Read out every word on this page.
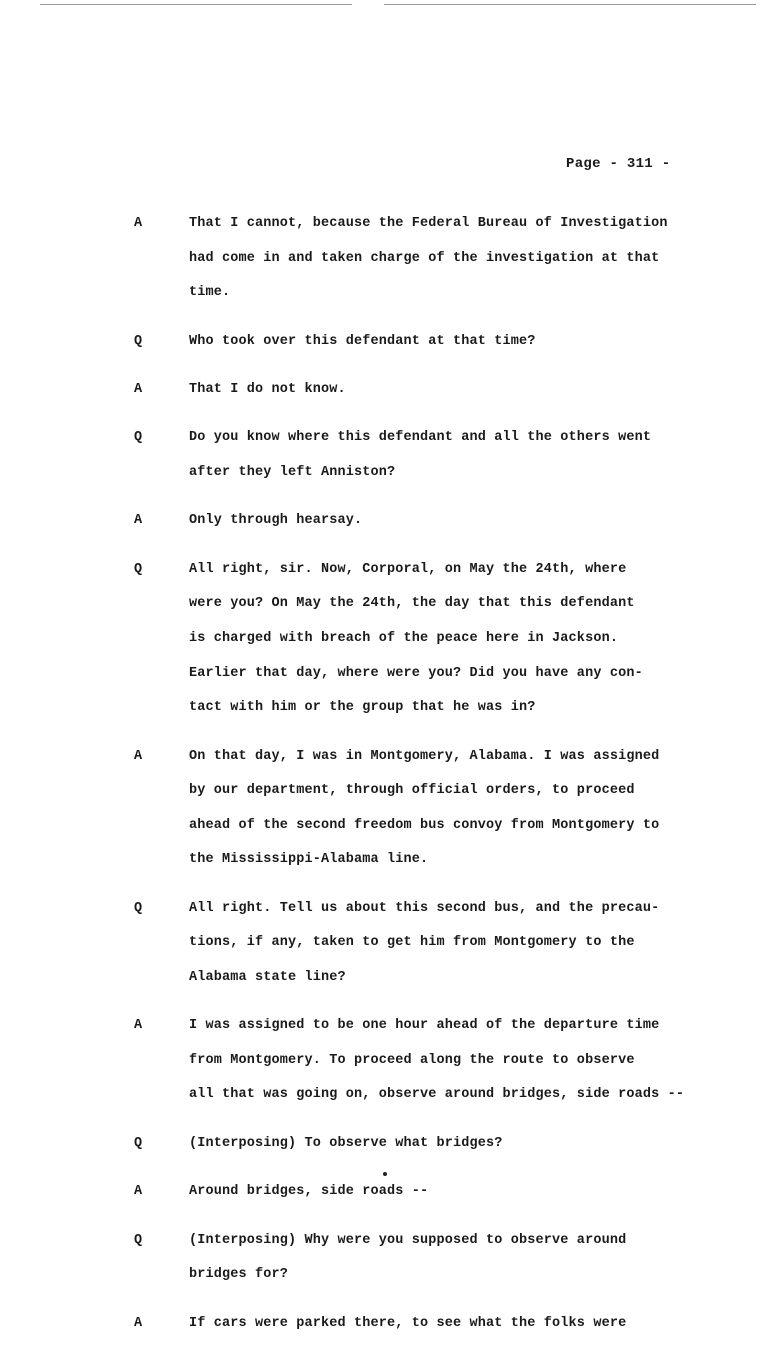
Page - 311 -
A	That I cannot, because the Federal Bureau of Investigation
had come in and taken charge of the investigation at that
time.
Q	Who took over this defendant at that time?
A	That I do not know.
Q	Do you know where this defendant and all the others went
after they left Anniston?
A	Only through hearsay.
Q	All right, sir. Now, Corporal, on May the 24th, where
were you? On May the 24th, the day that this defendant
is charged with breach of the peace here in Jackson.
Earlier that day, where were you? Did you have any con-
tact with him or the group that he was in?
A	On that day, I was in Montgomery, Alabama. I was assigned
by our department, through official orders, to proceed
ahead of the second freedom bus convoy from Montgomery to
the Mississippi-Alabama line.
Q	All right. Tell us about this second bus, and the precau-
tions, if any, taken to get him from Montgomery to the
Alabama state line?
A	I was assigned to be one hour ahead of the departure time
from Montgomery. To proceed along the route to observe
all that was going on, observe around bridges, side roads --
Q	(Interposing) To observe what bridges?
A	Around bridges, side roads --
Q	(Interposing) Why were you supposed to observe around
bridges for?
A	If cars were parked there, to see what the folks were
